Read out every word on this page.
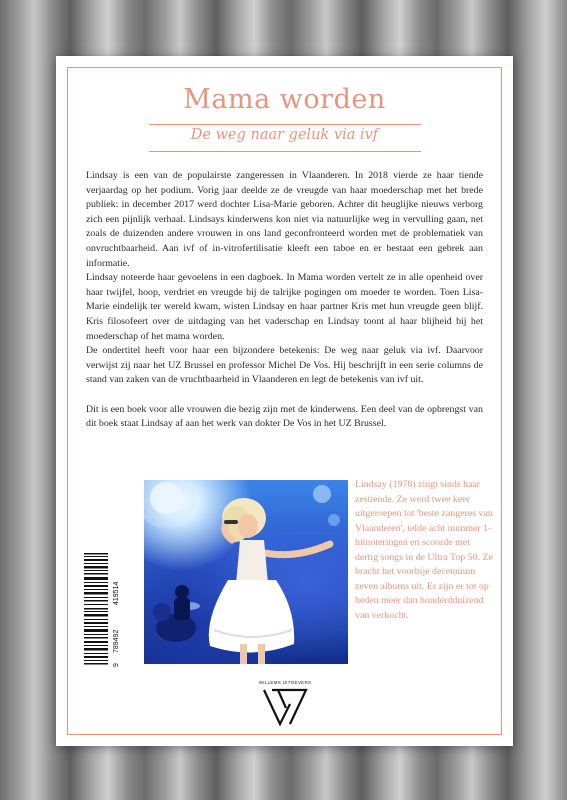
Mama worden
De weg naar geluk via ivf

Lindsay is een van de populairste zangeressen in Vlaanderen. In 2018 vierde ze haar tiende verjaardag op het podium. Vorig jaar deelde ze de vreugde van haar moederschap met het brede publiek: in december 2017 werd dochter Lisa-Marie geboren. Achter dit heuglijke nieuws verborg zich een pijnlijk verhaal. Lindsays kinderwens kon niet via natuurlijke weg in vervulling gaan, net zoals de duizenden andere vrouwen in ons land geconfronteerd worden met de problematiek van onvruchtbaarheid. Aan ivf of in-vitrofertilisatie kleeft een taboe en er bestaat een gebrek aan informatie.

Lindsay noteerde haar gevoelens in een dagboek. In Mama worden vertelt ze in alle openheid over haar twijfel, hoop, verdriet en vreugde bij de talrijke pogingen om moeder te worden. Toen Lisa-Marie eindelijk ter wereld kwam, wisten Lindsay en haar partner Kris met hun vreugde geen blijf. Kris filosofeert over de uitdaging van het vaderschap en Lindsay toont al haar blijheid bij het moederschap of het mama worden.

De ondertitel heeft voor haar een bijzondere betekenis: De weg naar geluk via ivf. Daarvoor verwijst zij naar het UZ Brussel en professor Michel De Vos. Hij beschrijft in een serie columns de stand van zaken van de vruchtbaarheid in Vlaanderen en legt de betekenis van ivf uit.

Dit is een boek voor alle vrouwen die bezig zijn met de kinderwens. Een deel van de opbrengst van dit boek staat Lindsay af aan het werk van dokter De Vos in het UZ Brussel.

9
789492
419514
Lindsay (1978) zingt sinds haar zestiende. Ze werd twee keer uitgeroepen tot 'beste zangeres van Vlaanderen', telde acht nummer 1-hitnoteringen en scoorde met dertig songs in de Ultra Top 50. Ze bracht het voorbije decennium zeven albums uit. Er zijn er tot op heden meer dan honderdduizend van verkocht.
WILLEMS UITGEVERS
